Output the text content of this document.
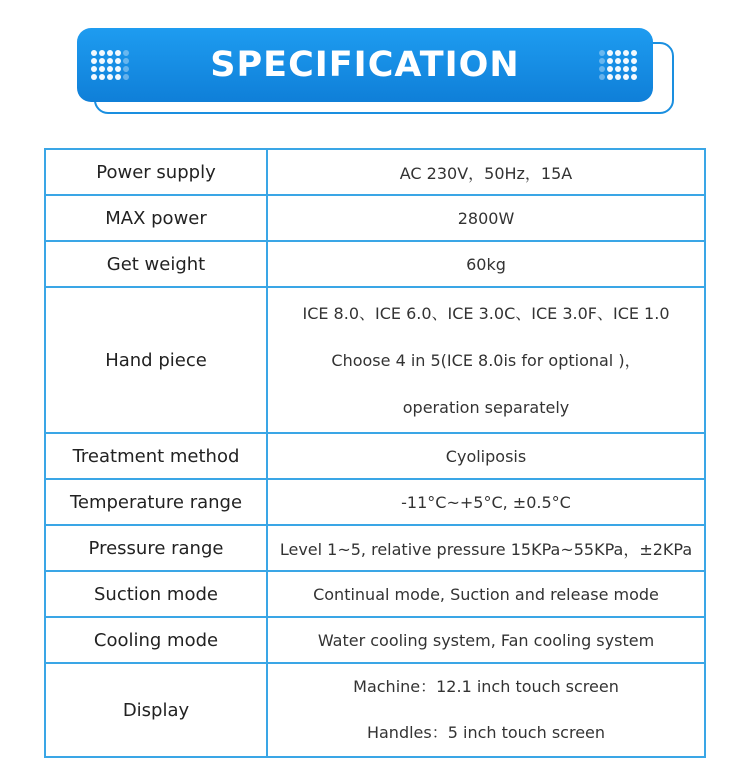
SPECIFICATION
Power supply	AC 230V，50Hz，15A

MAX power	2800W

Get weight	60kg

Hand piece	ICE 8.0、ICE 6.0、ICE 3.0C、ICE 3.0F、ICE 1.0
Choose 4 in 5(ICE 8.0is for optional )，
operation separately

Treatment method	Cyoliposis

Temperature range	-11°C~+5°C, ±0.5°C

Pressure range	Level 1~5, relative pressure 15KPa~55KPa，±2KPa

Suction mode	Continual mode, Suction and release mode

Cooling mode	Water cooling system, Fan cooling system

Display	Machine：12.1 inch touch screen
Handles：5 inch touch screen
